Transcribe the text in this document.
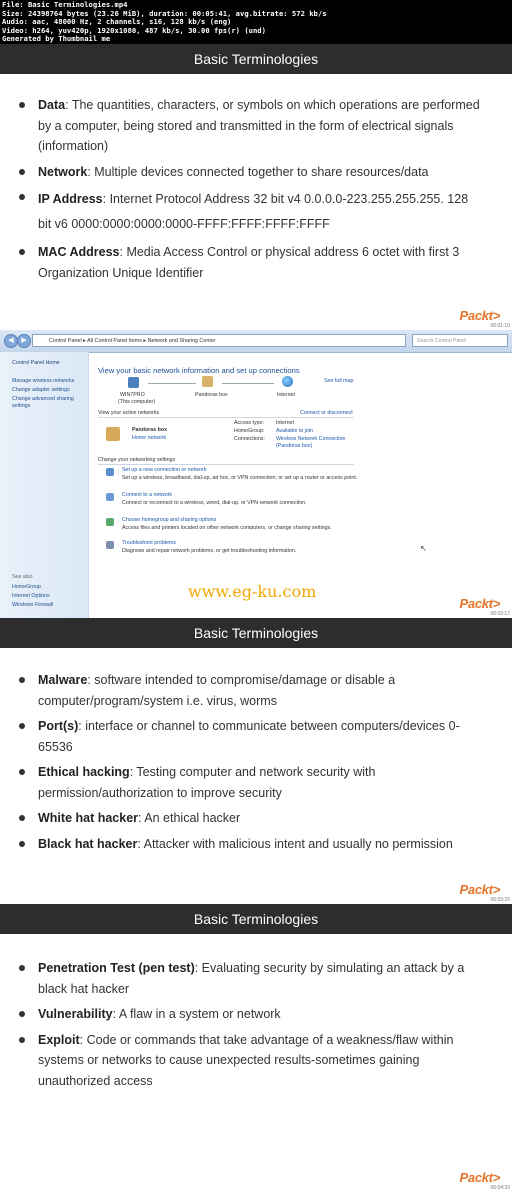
File: Basic Terminologies.mp4
Size: 24398764 bytes (23.26 MiB), duration: 00:05:41, avg.bitrate: 572 kb/s
Audio: aac, 48000 Hz, 2 channels, s16, 128 kb/s (eng)
Video: h264, yuv420p, 1920x1080, 487 kb/s, 30.00 fps(r) (und)
Generated by Thumbnail me
Basic Terminologies
Data: The quantities, characters, or symbols on which operations are performed by a computer, being stored and transmitted in the form of electrical signals (information)
Network: Multiple devices connected together to share resources/data
IP Address: Internet Protocol Address 32 bit v4 0.0.0.0-223.255.255.255. 128 bit v6 0000:0000:0000:0000-FFFF:FFFF:FFFF:FFFF
MAC Address: Media Access Control or physical address 6 octet with first 3 Organization Unique Identifier
Packt>
00:01:10
◀	▶	Control Panel ▸ All Control Panel Items ▸ Network and Sharing Center	Search Control Panel
Control Panel Home
Manage wireless networks
Change adapter settings
Change advanced sharing settings
See also
HomeGroup
Internet Options
Windows Firewall
View your basic network information and set up connections
See full map
WIN7PRO
(This computer)
Pandoras box	Internet
View your active networks	Connect or disconnect
Pandoras box
Home network
Access type: Internet
HomeGroup: Available to join
Connections: Wireless Network Connection
(Pandoras box)
Change your networking settings
Set up a new connection or network
Set up a wireless, broadband, dial-up, ad hoc, or VPN connection; or set up a router or access point.
Connect to a network
Connect or reconnect to a wireless, wired, dial-up, or VPN network connection.
Choose homegroup and sharing options
Access files and printers located on other network computers, or change sharing settings.
Troubleshoot problems
Diagnose and repair network problems, or get troubleshooting information.	↖
www.eg-ku.com
Packt>
00:02:17
Basic Terminologies
Malware: software intended to compromise/damage or disable a computer/program/system i.e. virus, worms
Port(s): interface or channel to communicate between computers/devices 0-65536
Ethical hacking: Testing computer and network security with permission/authorization to improve security
White hat hacker: An ethical hacker
Black hat hacker: Attacker with malicious intent and usually no permission
Packt>
00:03:25
Basic Terminologies
Penetration Test (pen test): Evaluating security by simulating an attack by a black hat hacker
Vulnerability: A flaw in a system or network
Exploit: Code or commands that take advantage of a weakness/flaw within systems or networks to cause unexpected results-sometimes gaining unauthorized access
Packt>
00:04:33
